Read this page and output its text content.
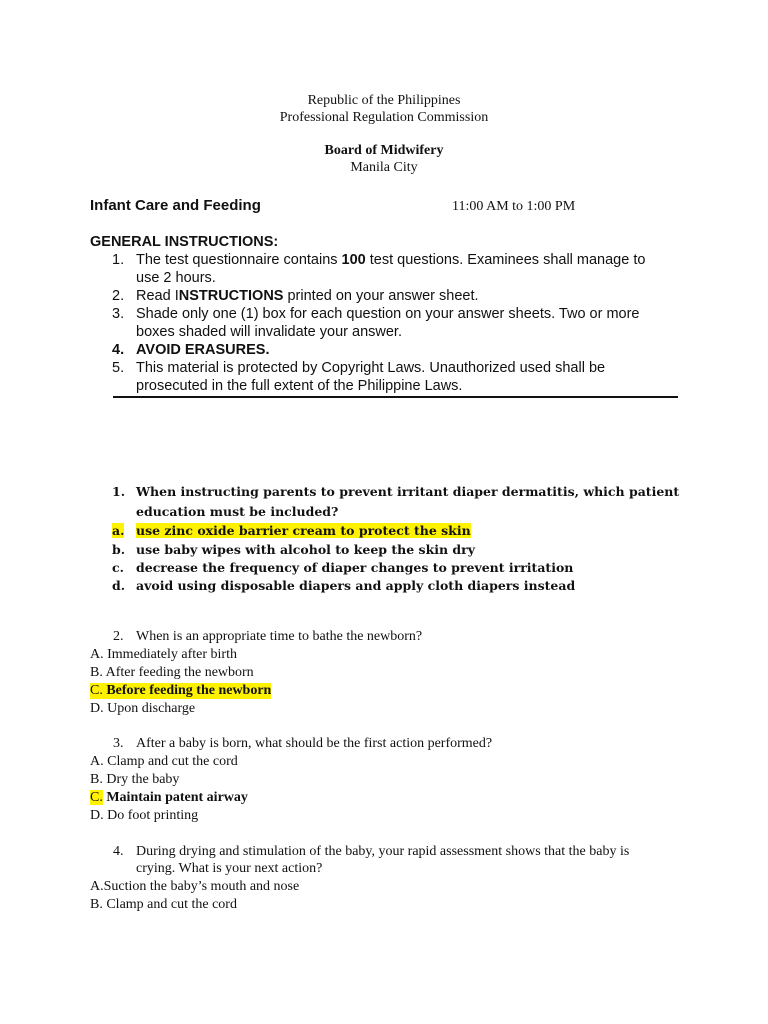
Republic of the Philippines
Professional Regulation Commission
Board of Midwifery
Manila City
Infant Care and Feeding	11:00 AM to 1:00 PM
GENERAL INSTRUCTIONS:
1. The test questionnaire contains 100 test questions. Examinees shall manage to
use 2 hours.
2. Read INSTRUCTIONS printed on your answer sheet.
3. Shade only one (1) box for each question on your answer sheets. Two or more
boxes shaded will invalidate your answer.
4. AVOID ERASURES.
5. This material is protected by Copyright Laws. Unauthorized used shall be
prosecuted in the full extent of the Philippine Laws.
1. When instructing parents to prevent irritant diaper dermatitis, which patient
education must be included?
a. use zinc oxide barrier cream to protect the skin
b. use baby wipes with alcohol to keep the skin dry
c. decrease the frequency of diaper changes to prevent irritation
d. avoid using disposable diapers and apply cloth diapers instead
2. When is an appropriate time to bathe the newborn?
A. Immediately after birth
B. After feeding the newborn
C. Before feeding the newborn
D. Upon discharge
3. After a baby is born, what should be the first action performed?
A. Clamp and cut the cord
B. Dry the baby
C. Maintain patent airway
D. Do foot printing
4. During drying and stimulation of the baby, your rapid assessment shows that the baby is
crying. What is your next action?
A.Suction the baby’s mouth and nose
B. Clamp and cut the cord
